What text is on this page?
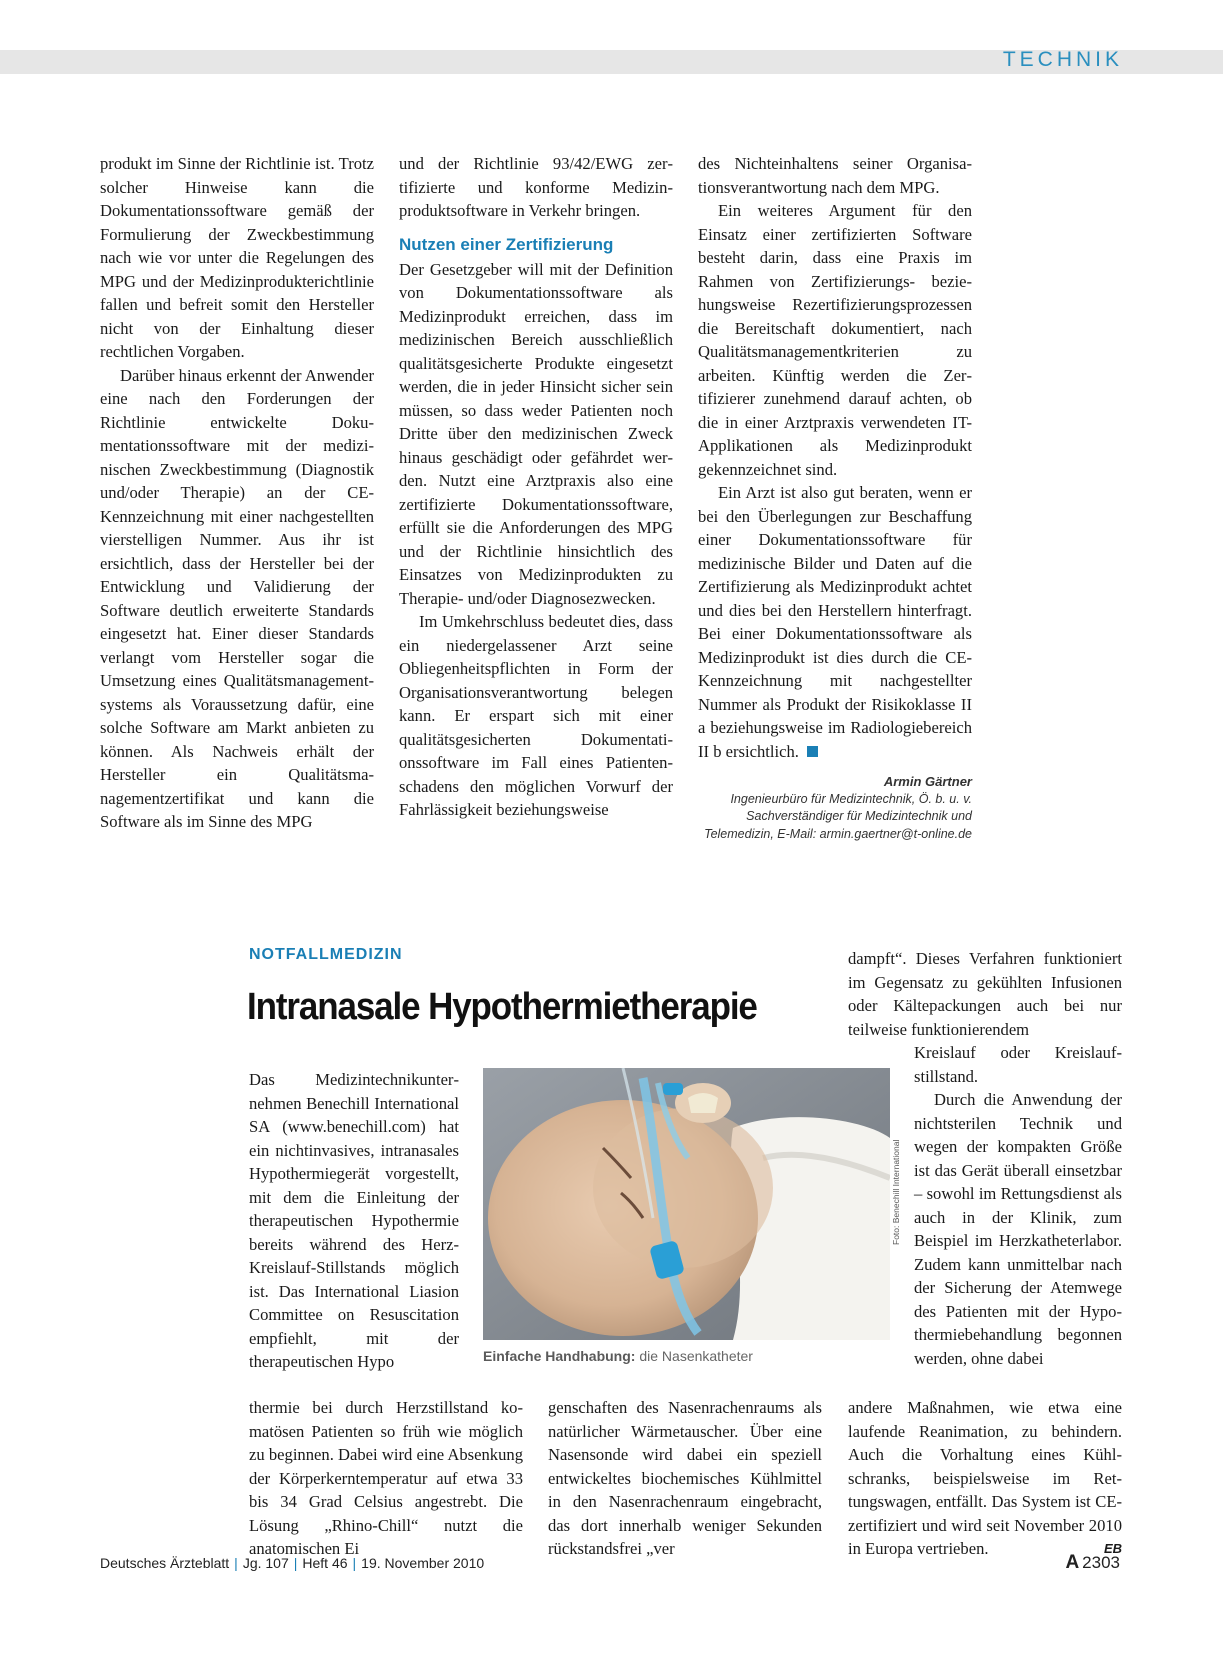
TECHNIK

produkt im Sinne der Richtlinie ist. Trotz solcher Hinweise kann die Dokumentationssoftware gemäß der Formulierung der Zweckbestimmung nach wie vor unter die Regelungen des MPG und der Medizinprodukterichtlinie fallen und befreit somit den Hersteller nicht von der Einhaltung dieser rechtlichen Vorgaben.

Darüber hinaus erkennt der Anwender eine nach den Forderungen der Richtlinie entwickelte Dokumentationssoftware mit der medizinischen Zweckbestimmung (Diagnostik und/oder Therapie) an der CE-Kennzeichnung mit einer nachgestellten vierstelligen Nummer. Aus ihr ist ersichtlich, dass der Hersteller bei der Entwicklung und Validierung der Software deutlich erweiterte Standards eingesetzt hat. Einer dieser Standards verlangt vom Hersteller sogar die Umsetzung eines Qualitätsmanagementsystems als Voraussetzung dafür, eine solche Software am Markt anbieten zu können. Als Nachweis erhält der Hersteller ein Qualitätsmanagementzertifikat und kann die Software als im Sinne des MPG

und der Richtlinie 93/42/EWG zertifizierte und konforme Medizinproduktsoftware in Verkehr bringen.

Nutzen einer Zertifizierung

Der Gesetzgeber will mit der Definition von Dokumentationssoftware als Medizinprodukt erreichen, dass im medizinischen Bereich ausschließlich qualitätsgesicherte Produkte eingesetzt werden, die in jeder Hinsicht sicher sein müssen, so dass weder Patienten noch Dritte über den medizinischen Zweck hinaus geschädigt oder gefährdet werden. Nutzt eine Arztpraxis also eine zertifizierte Dokumentationssoftware, erfüllt sie die Anforderungen des MPG und der Richtlinie hinsichtlich des Einsatzes von Medizinprodukten zu Therapie- und/oder Diagnosezwecken.

Im Umkehrschluss bedeutet dies, dass ein niedergelassener Arzt seine Obliegenheitspflichten in Form der Organisationsverantwortung belegen kann. Er erspart sich mit einer qualitätsgesicherten Dokumentationssoftware im Fall eines Patientenschadens den möglichen Vorwurf der Fahrlässigkeit beziehungsweise

des Nichteinhaltens seiner Organisationsverantwortung nach dem MPG.

Ein weiteres Argument für den Einsatz einer zertifizierten Software besteht darin, dass eine Praxis im Rahmen von Zertifizierungs- beziehungsweise Rezertifizierungsprozessen die Bereitschaft dokumentiert, nach Qualitätsmanagementkriterien zu arbeiten. Künftig werden die Zertifizierer zunehmend darauf achten, ob die in einer Arztpraxis verwendeten IT-Applikationen als Medizinprodukt gekennzeichnet sind.

Ein Arzt ist also gut beraten, wenn er bei den Überlegungen zur Beschaffung einer Dokumentationssoftware für medizinische Bilder und Daten auf die Zertifizierung als Medizinprodukt achtet und dies bei den Herstellern hinterfragt. Bei einer Dokumentationssoftware als Medizinprodukt ist dies durch die CE-Kennzeichnung mit nachgestellter Nummer als Produkt der Risikoklasse II a beziehungsweise im Radiologiebereich II b ersichtlich.

Armin Gärtner
Ingenieurbüro für Medizintechnik, Ö. b. u. v.
Sachverständiger für Medizintechnik und
Telemedizin, E-Mail: armin.gaertner@t-online.de
NOTFALLMEDIZIN
Intranasale Hypothermietherapie

Das Medizintechnikunternehmen Benechill International SA (www.benechill.com) hat ein nichtinvasives, intranasales Hypothermiegerät vorgestellt, mit dem die Einleitung der therapeutischen Hypothermie bereits während des Herz-Kreislauf-Stillstands möglich ist. Das International Liasion Committee on Resuscitation empfiehlt, mit der therapeutischen Hypo

thermie bei durch Herzstillstand komatösen Patienten so früh wie möglich zu beginnen. Dabei wird eine Absenkung der Körperkerntemperatur auf etwa 33 bis 34 Grad Celsius angestrebt. Die Lösung „Rhino-Chill“ nutzt die anatomischen Ei

Foto: Benechill International
Einfache Handhabung: die Nasenkatheter

genschaften des Nasenrachenraums als natürlicher Wärmetauscher. Über eine Nasensonde wird dabei ein speziell entwickeltes biochemisches Kühlmittel in den Nasenrachenraum eingebracht, das dort innerhalb weniger Sekunden rückstandsfrei „ver

dampft“. Dieses Verfahren funktioniert im Gegensatz zu gekühlten Infusionen oder Kältepackungen auch bei nur teilweise funktionierendem

Kreislauf oder Kreislaufstillstand.

Durch die Anwendung der nichtsterilen Technik und wegen der kompakten Größe ist das Gerät überall einsetzbar – sowohl im Rettungsdienst als auch in der Klinik, zum Beispiel im Herzkatheterlabor. Zudem kann unmittelbar nach der Sicherung der Atemwege des Patienten mit der Hypothermiebehandlung begonnen werden, ohne dabei

andere Maßnahmen, wie etwa eine laufende Reanimation, zu behindern. Auch die Vorhaltung eines Kühlschranks, beispielsweise im Rettungswagen, entfällt. Das System ist CE-zertifiziert und wird seit November 2010 in Europa vertrieben.	EB

Deutsches Ärzteblatt | Jg. 107 | Heft 46 | 19. November 2010	A 2303
